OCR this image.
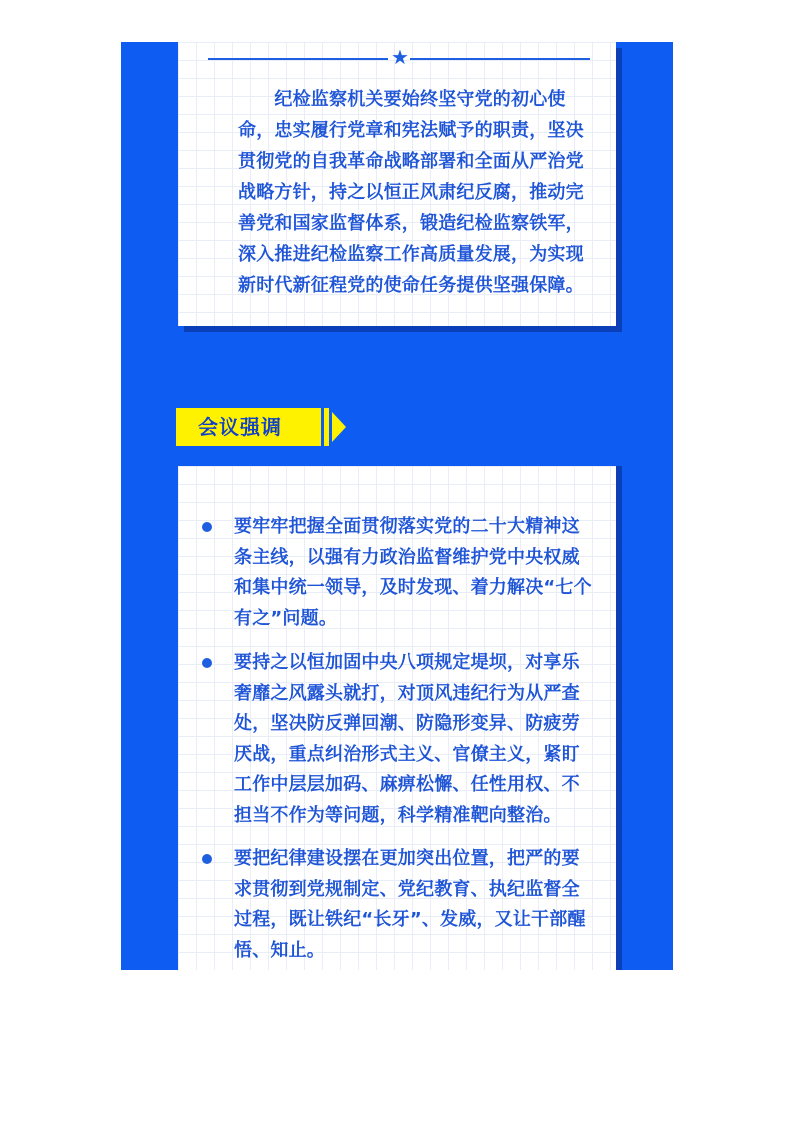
★

　　纪检监察机关要始终坚守党的初心使命，忠实履行党章和宪法赋予的职责，坚决贯彻党的自我革命战略部署和全面从严治党战略方针，持之以恒正风肃纪反腐，推动完善党和国家监督体系，锻造纪检监察铁军，深入推进纪检监察工作高质量发展，为实现新时代新征程党的使命任务提供坚强保障。

会议强调

要牢牢把握全面贯彻落实党的二十大精神这条主线，以强有力政治监督维护党中央权威和集中统一领导，及时发现、着力解决“七个有之”问题。

要持之以恒加固中央八项规定堤坝，对享乐奢靡之风露头就打，对顶风违纪行为从严查处，坚决防反弹回潮、防隐形变异、防疲劳厌战，重点纠治形式主义、官僚主义，紧盯工作中层层加码、麻痹松懈、任性用权、不担当不作为等问题，科学精准靶向整治。

要把纪律建设摆在更加突出位置，把严的要求贯彻到党规制定、党纪教育、执纪监督全过程，既让铁纪“长牙”、发威，又让干部醒悟、知止。
